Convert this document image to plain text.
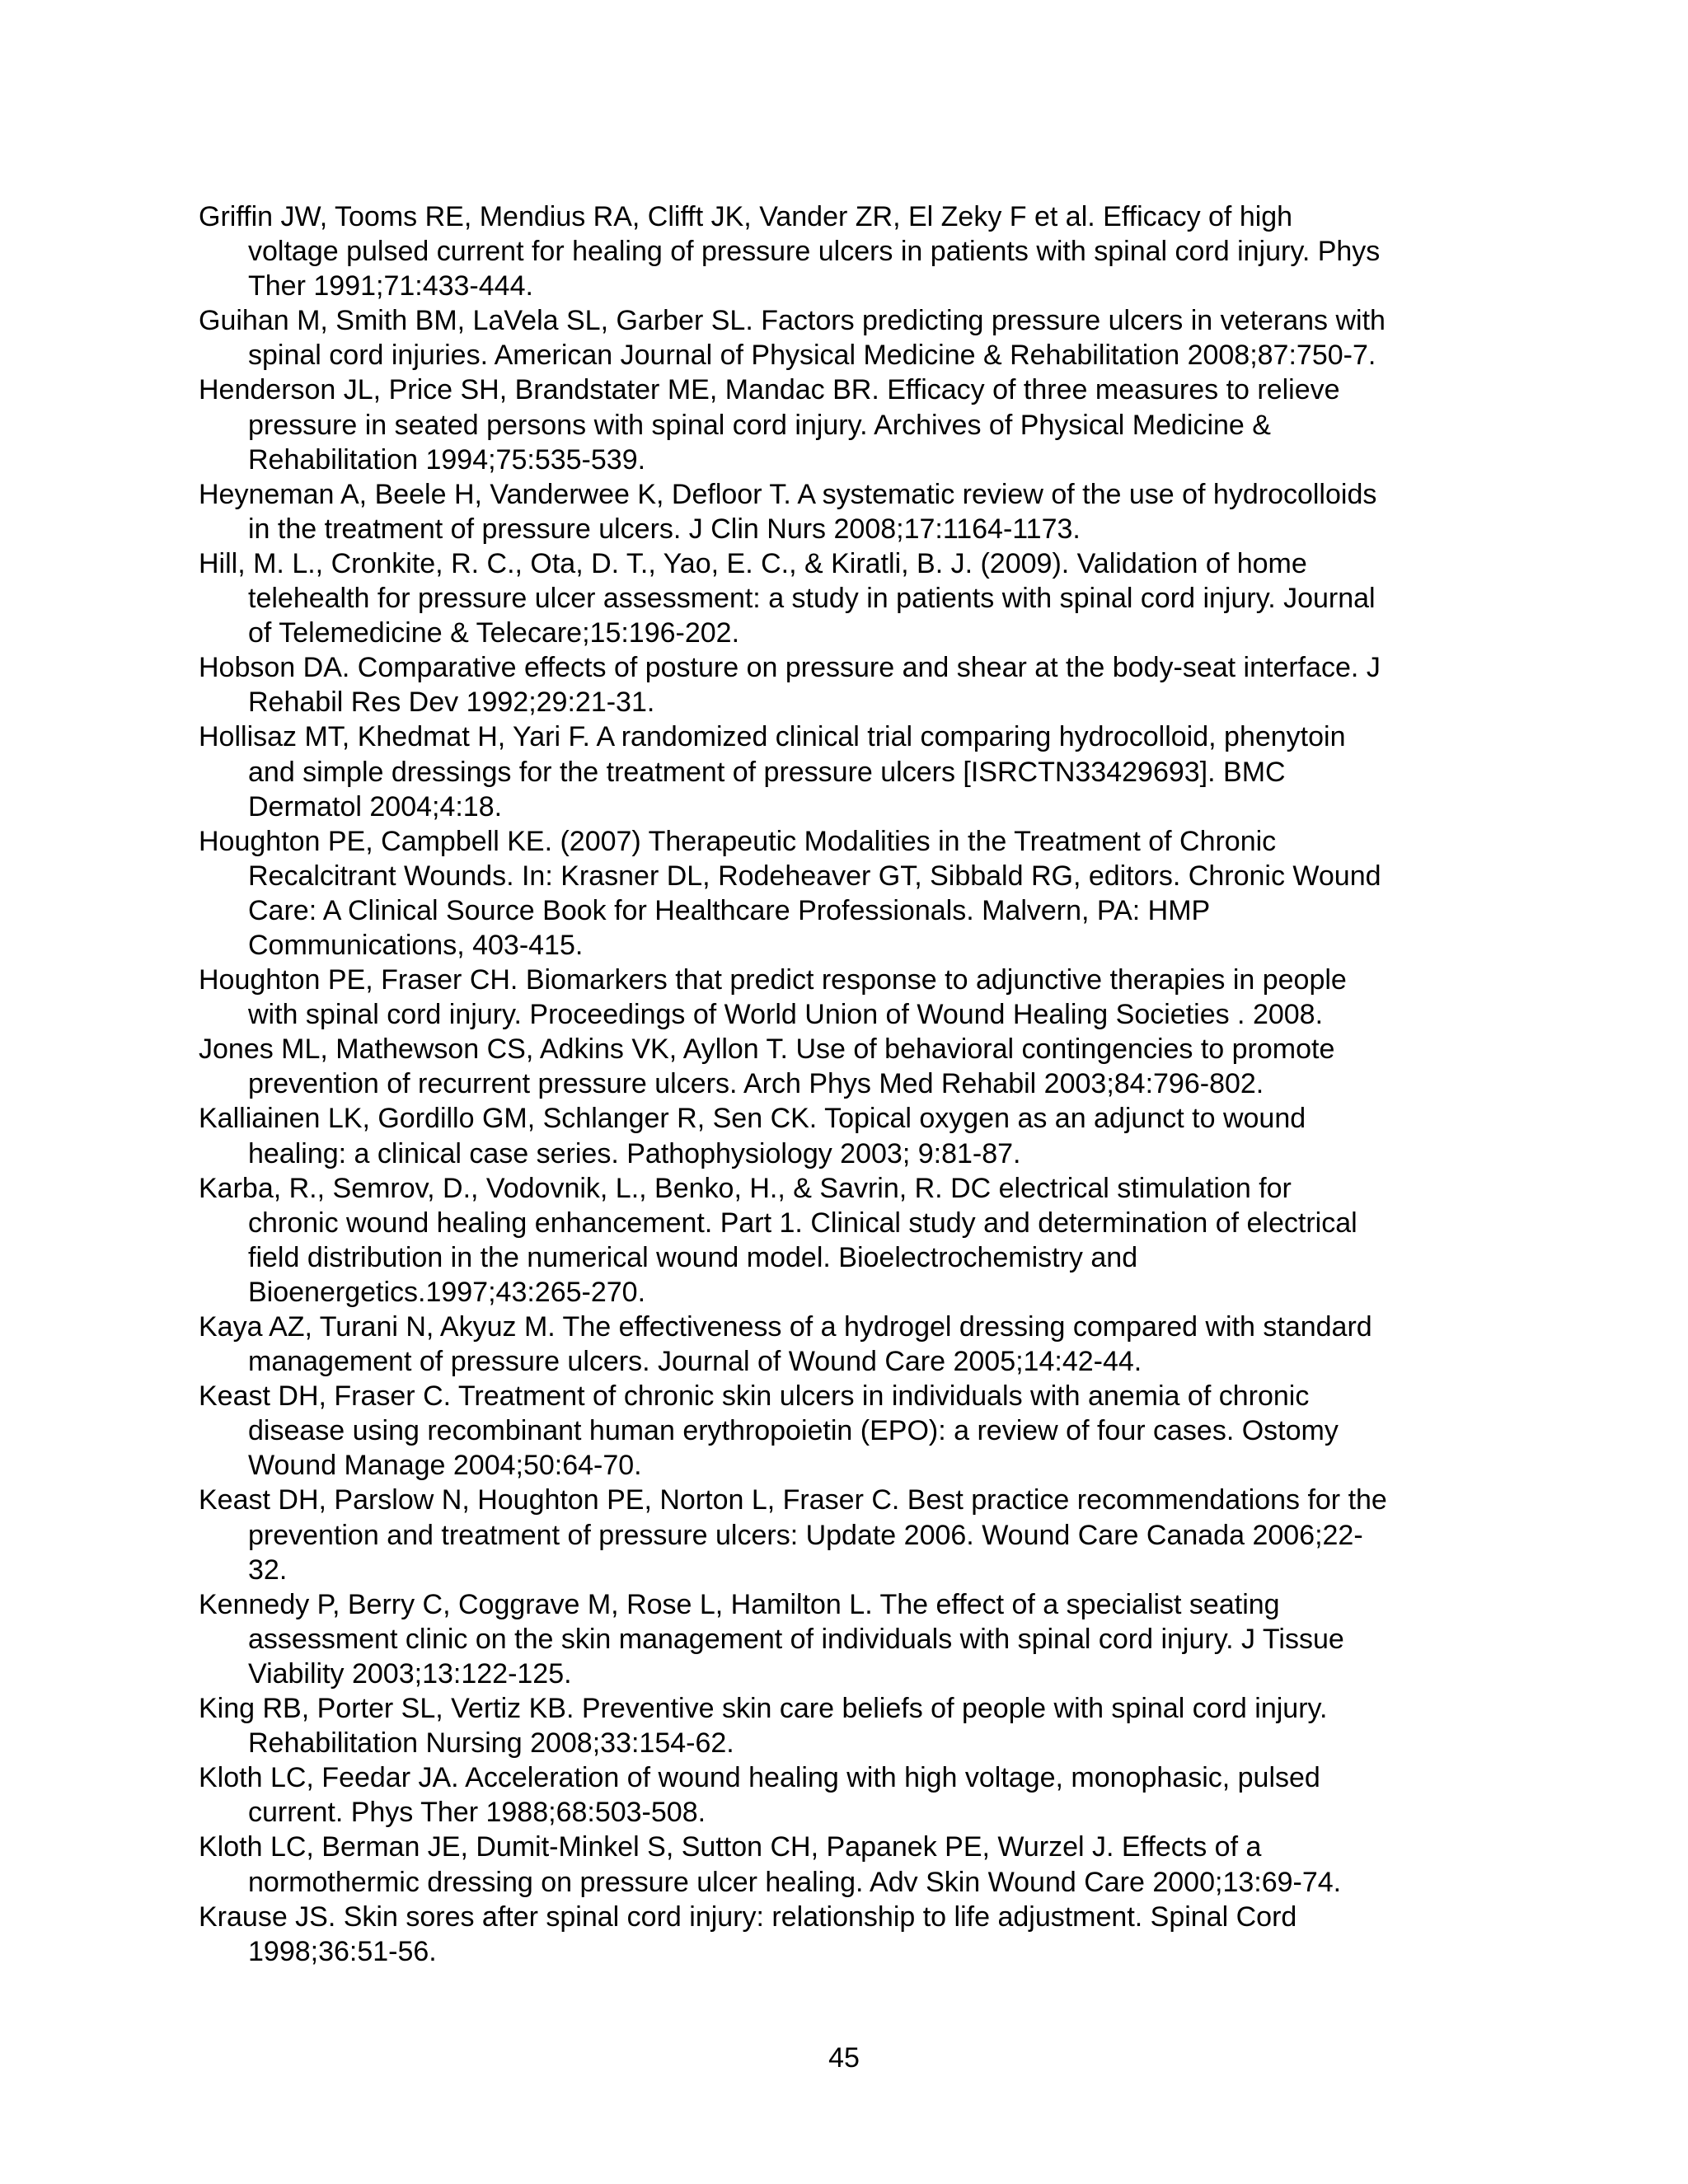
Griffin JW, Tooms RE, Mendius RA, Clifft JK, Vander ZR, El Zeky F et al. Efficacy of high
voltage pulsed current for healing of pressure ulcers in patients with spinal cord injury. Phys
Ther 1991;71:433-444.
Guihan M, Smith BM, LaVela SL, Garber SL. Factors predicting pressure ulcers in veterans with
spinal cord injuries. American Journal of Physical Medicine & Rehabilitation 2008;87:750-7.
Henderson JL, Price SH, Brandstater ME, Mandac BR. Efficacy of three measures to relieve
pressure in seated persons with spinal cord injury. Archives of Physical Medicine &
Rehabilitation 1994;75:535-539.
Heyneman A, Beele H, Vanderwee K, Defloor T. A systematic review of the use of hydrocolloids
in the treatment of pressure ulcers. J Clin Nurs 2008;17:1164-1173.
Hill, M. L., Cronkite, R. C., Ota, D. T., Yao, E. C., & Kiratli, B. J. (2009). Validation of home
telehealth for pressure ulcer assessment: a study in patients with spinal cord injury. Journal
of Telemedicine & Telecare;15:196-202.
Hobson DA. Comparative effects of posture on pressure and shear at the body-seat interface. J
Rehabil Res Dev 1992;29:21-31.
Hollisaz MT, Khedmat H, Yari F. A randomized clinical trial comparing hydrocolloid, phenytoin
and simple dressings for the treatment of pressure ulcers [ISRCTN33429693]. BMC
Dermatol 2004;4:18.
Houghton PE, Campbell KE. (2007) Therapeutic Modalities in the Treatment of Chronic
Recalcitrant Wounds. In: Krasner DL, Rodeheaver GT, Sibbald RG, editors. Chronic Wound
Care: A Clinical Source Book for Healthcare Professionals. Malvern, PA: HMP
Communications, 403-415.
Houghton PE, Fraser CH. Biomarkers that predict response to adjunctive therapies in people
with spinal cord injury. Proceedings of World Union of Wound Healing Societies . 2008.
Jones ML, Mathewson CS, Adkins VK, Ayllon T. Use of behavioral contingencies to promote
prevention of recurrent pressure ulcers. Arch Phys Med Rehabil 2003;84:796-802.
Kalliainen LK, Gordillo GM, Schlanger R, Sen CK. Topical oxygen as an adjunct to wound
healing: a clinical case series. Pathophysiology 2003; 9:81-87.
Karba, R., Semrov, D., Vodovnik, L., Benko, H., & Savrin, R. DC electrical stimulation for
chronic wound healing enhancement. Part 1. Clinical study and determination of electrical
field distribution in the numerical wound model. Bioelectrochemistry and
Bioenergetics.1997;43:265-270.
Kaya AZ, Turani N, Akyuz M. The effectiveness of a hydrogel dressing compared with standard
management of pressure ulcers. Journal of Wound Care 2005;14:42-44.
Keast DH, Fraser C. Treatment of chronic skin ulcers in individuals with anemia of chronic
disease using recombinant human erythropoietin (EPO): a review of four cases. Ostomy
Wound Manage 2004;50:64-70.
Keast DH, Parslow N, Houghton PE, Norton L, Fraser C. Best practice recommendations for the
prevention and treatment of pressure ulcers: Update 2006. Wound Care Canada 2006;22-
32.
Kennedy P, Berry C, Coggrave M, Rose L, Hamilton L. The effect of a specialist seating
assessment clinic on the skin management of individuals with spinal cord injury. J Tissue
Viability 2003;13:122-125.
King RB, Porter SL, Vertiz KB. Preventive skin care beliefs of people with spinal cord injury.
Rehabilitation Nursing 2008;33:154-62.
Kloth LC, Feedar JA. Acceleration of wound healing with high voltage, monophasic, pulsed
current. Phys Ther 1988;68:503-508.
Kloth LC, Berman JE, Dumit-Minkel S, Sutton CH, Papanek PE, Wurzel J. Effects of a
normothermic dressing on pressure ulcer healing. Adv Skin Wound Care 2000;13:69-74.
Krause JS. Skin sores after spinal cord injury: relationship to life adjustment. Spinal Cord
1998;36:51-56.
45
